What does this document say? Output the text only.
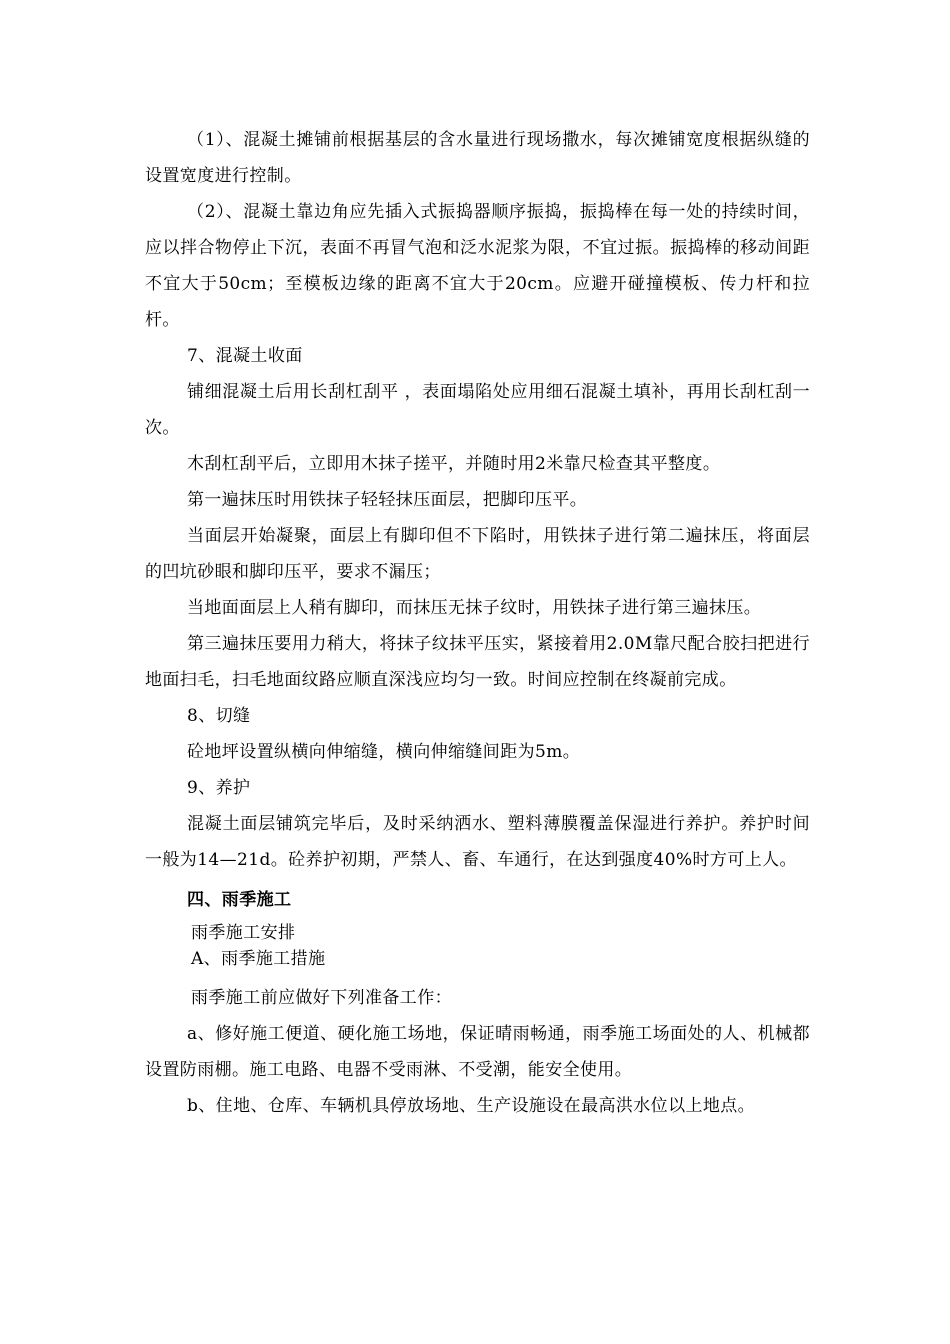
（1）、混凝土摊铺前根据基层的含水量进行现场撒水，每次摊铺宽度根据纵缝的设置宽度进行控制。

（2）、混凝土靠边角应先插入式振捣器顺序振捣，振捣棒在每一处的持续时间，应以拌合物停止下沉，表面不再冒气泡和泛水泥浆为限，不宜过振。振捣棒的移动间距不宜大于50cm；至模板边缘的距离不宜大于20cm。应避开碰撞模板、传力杆和拉杆。

7、混凝土收面

铺细混凝土后用长刮杠刮平 ，表面塌陷处应用细石混凝土填补，再用长刮杠刮一次。

木刮杠刮平后，立即用木抹子搓平，并随时用2米靠尺检查其平整度。

第一遍抹压时用铁抹子轻轻抹压面层，把脚印压平。

当面层开始凝聚，面层上有脚印但不下陷时，用铁抹子进行第二遍抹压，将面层的凹坑砂眼和脚印压平，要求不漏压；

当地面面层上人稍有脚印，而抹压无抹子纹时，用铁抹子进行第三遍抹压。

第三遍抹压要用力稍大，将抹子纹抹平压实，紧接着用2.0M靠尺配合胶扫把进行地面扫毛，扫毛地面纹路应顺直深浅应均匀一致。时间应控制在终凝前完成。

8、切缝

砼地坪设置纵横向伸缩缝，横向伸缩缝间距为5m。

9、养护

混凝土面层铺筑完毕后，及时采纳洒水、塑料薄膜覆盖保湿进行养护。养护时间一般为14—21d。砼养护初期，严禁人、畜、车通行，在达到强度40%时方可上人。

四、雨季施工

雨季施工安排

A、雨季施工措施

雨季施工前应做好下列准备工作：

a、修好施工便道、硬化施工场地，保证晴雨畅通，雨季施工场面处的人、机械都设置防雨棚。施工电路、电器不受雨淋、不受潮，能安全使用。

b、住地、仓库、车辆机具停放场地、生产设施设在最高洪水位以上地点。
